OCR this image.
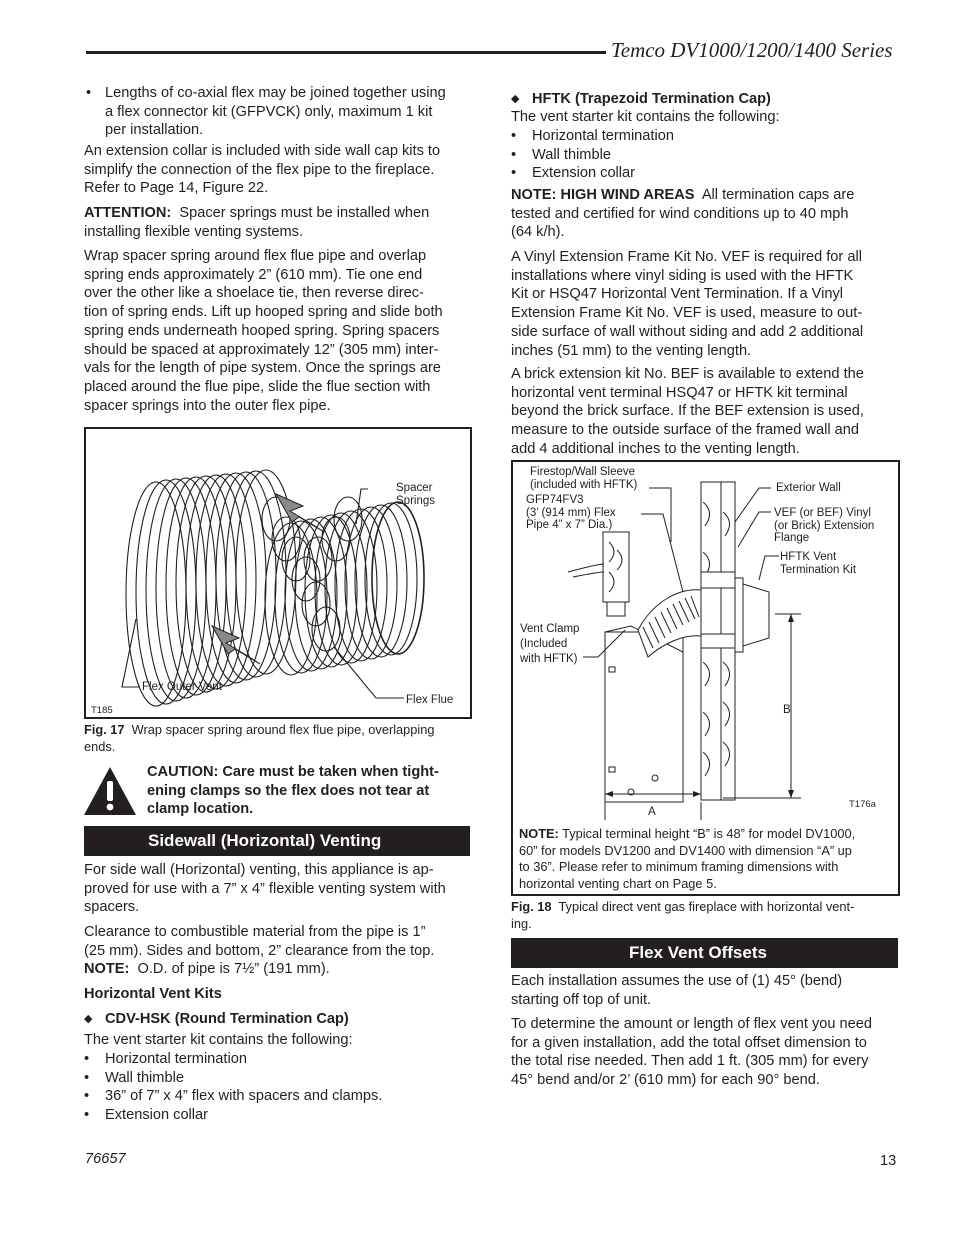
Temco DV1000/1200/1400 Series
• Lengths of co-axial flex may be joined together using
a flex connector kit (GFPVCK) only, maximum 1 kit
per installation.
An extension collar is included with side wall cap kits to
simplify the connection of the flex pipe to the fireplace.
Refer to Page 14, Figure 22.
ATTENTION: Spacer springs must be installed when
installing flexible venting systems.
Wrap spacer spring around flex flue pipe and overlap
spring ends approximately 2” (610 mm). Tie one end
over the other like a shoelace tie, then reverse direc-
tion of spring ends. Lift up hooped spring and slide both
spring ends underneath hooped spring. Spring spacers
should be spaced at approximately 12” (305 mm) inter-
vals for the length of pipe system. Once the springs are
placed around the flue pipe, slide the flue section with
spacer springs into the outer flex pipe.
Spacer
Springs
Flex Outer Vent
Flex Flue
T185
Fig. 17 Wrap spacer spring around flex flue pipe, overlapping
ends.
CAUTION: Care must be taken when tight-
ening clamps so the flex does not tear at
clamp location.
Sidewall (Horizontal) Venting
For side wall (Horizontal) venting, this appliance is ap-
proved for use with a 7” x 4” flexible venting system with
spacers.
Clearance to combustible material from the pipe is 1”
(25 mm). Sides and bottom, 2” clearance from the top.
NOTE: O.D. of pipe is 7½” (191 mm).
Horizontal Vent Kits
◆ CDV-HSK (Round Termination Cap)
The vent starter kit contains the following:
• Horizontal termination
• Wall thimble
• 36” of 7” x 4” flex with spacers and clamps.
• Extension collar
◆ HFTK (Trapezoid Termination Cap)
The vent starter kit contains the following:
• Horizontal termination
• Wall thimble
• Extension collar
NOTE: HIGH WIND AREAS All termination caps are
tested and certified for wind conditions up to 40 mph
(64 k/h).
A Vinyl Extension Frame Kit No. VEF is required for all
installations where vinyl siding is used with the HFTK
Kit or HSQ47 Horizontal Vent Termination. If a Vinyl
Extension Frame Kit No. VEF is used, measure to out-
side surface of wall without siding and add 2 additional
inches (51 mm) to the venting length.
A brick extension kit No. BEF is available to extend the
horizontal vent terminal HSQ47 or HFTK kit terminal
beyond the brick surface. If the BEF extension is used,
measure to the outside surface of the framed wall and
add 4 additional inches to the venting length.
Firestop/Wall Sleeve
(included with HFTK)
GFP74FV3
(3’ (914 mm) Flex
Pipe 4” x 7” Dia.)
Exterior Wall
VEF (or BEF) Vinyl
(or Brick) Extension
Flange
HFTK Vent
Termination Kit
Vent Clamp
(Included
with HFTK)
B
A
T176a
NOTE: Typical terminal height “B” is 48” for model DV1000,
60” for models DV1200 and DV1400 with dimension “A” up
to 36”. Please refer to minimum framing dimensions with
horizontal venting chart on Page 5.
Fig. 18 Typical direct vent gas fireplace with horizontal vent-
ing.
Flex Vent Offsets
Each installation assumes the use of (1) 45° (bend)
starting off top of unit.
To determine the amount or length of flex vent you need
for a given installation, add the total offset dimension to
the total rise needed. Then add 1 ft. (305 mm) for every
45° bend and/or 2’ (610 mm) for each 90° bend.
76657	13
